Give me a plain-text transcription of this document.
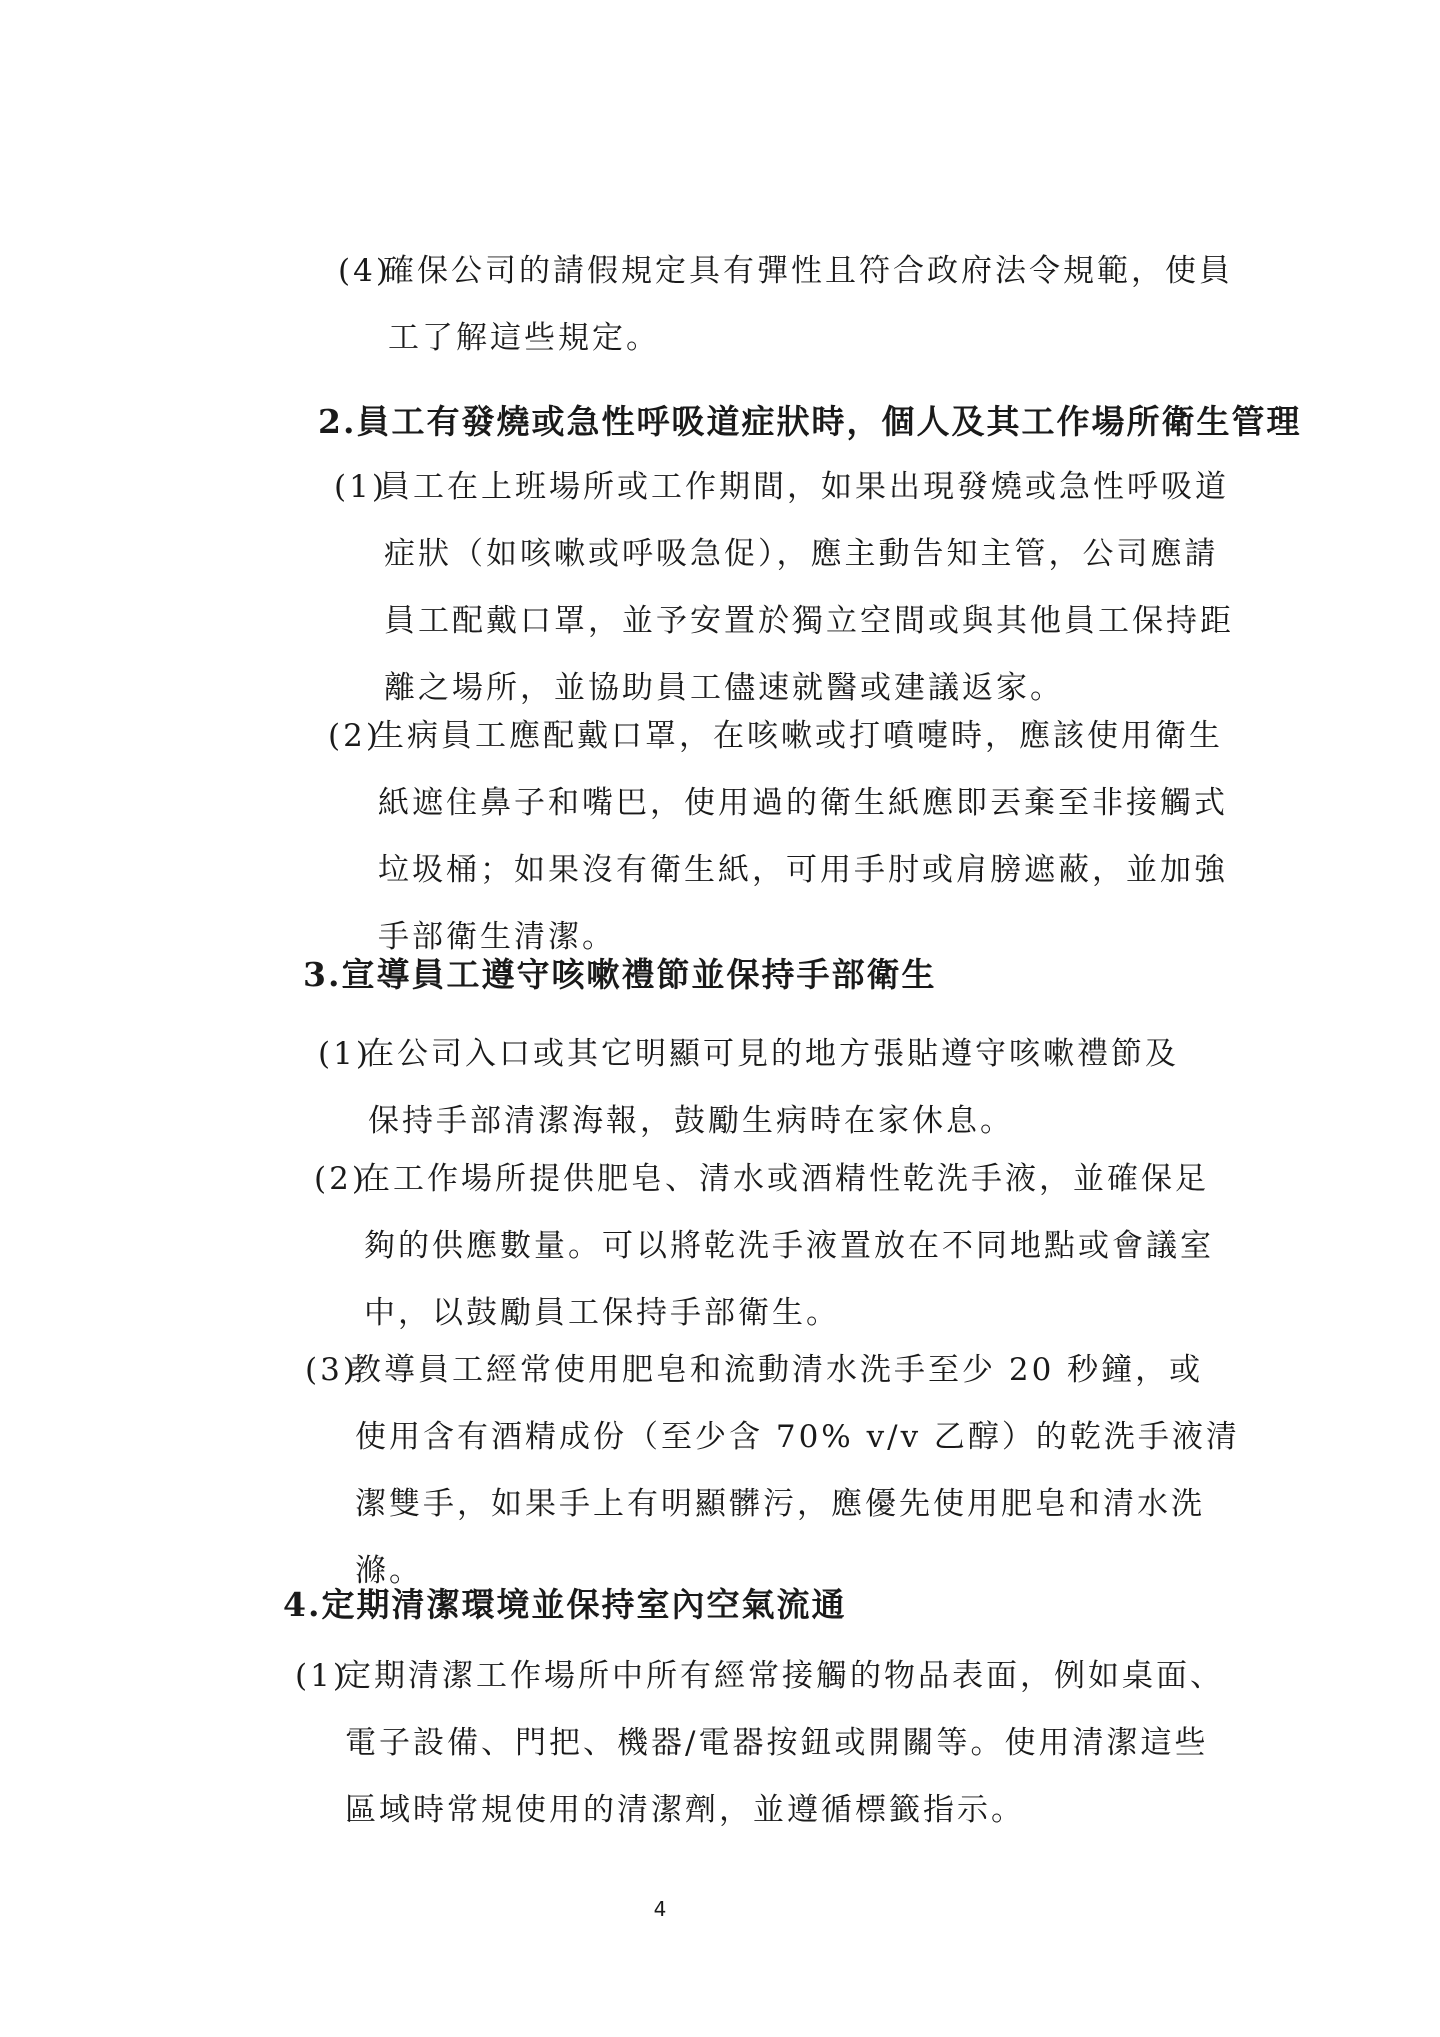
(4)確保公司的請假規定具有彈性且符合政府法令規範，使員
工了解這些規定。
2.員工有發燒或急性呼吸道症狀時，個人及其工作場所衛生管理
(1)員工在上班場所或工作期間，如果出現發燒或急性呼吸道
症狀（如咳嗽或呼吸急促），應主動告知主管，公司應請
員工配戴口罩，並予安置於獨立空間或與其他員工保持距
離之場所，並協助員工儘速就醫或建議返家。
(2)生病員工應配戴口罩，在咳嗽或打噴嚏時，應該使用衛生
紙遮住鼻子和嘴巴，使用過的衛生紙應即丟棄至非接觸式
垃圾桶；如果沒有衛生紙，可用手肘或肩膀遮蔽，並加強
手部衛生清潔。
3.宣導員工遵守咳嗽禮節並保持手部衛生
(1)在公司入口或其它明顯可見的地方張貼遵守咳嗽禮節及
保持手部清潔海報，鼓勵生病時在家休息。
(2)在工作場所提供肥皂、清水或酒精性乾洗手液，並確保足
夠的供應數量。可以將乾洗手液置放在不同地點或會議室
中，以鼓勵員工保持手部衛生。
(3)教導員工經常使用肥皂和流動清水洗手至少 20 秒鐘，或
使用含有酒精成份（至少含 70% v/v 乙醇）的乾洗手液清
潔雙手，如果手上有明顯髒污，應優先使用肥皂和清水洗
滌。
4.定期清潔環境並保持室內空氣流通
(1)定期清潔工作場所中所有經常接觸的物品表面，例如桌面、
電子設備、門把、機器/電器按鈕或開關等。使用清潔這些
區域時常規使用的清潔劑，並遵循標籤指示。
4
